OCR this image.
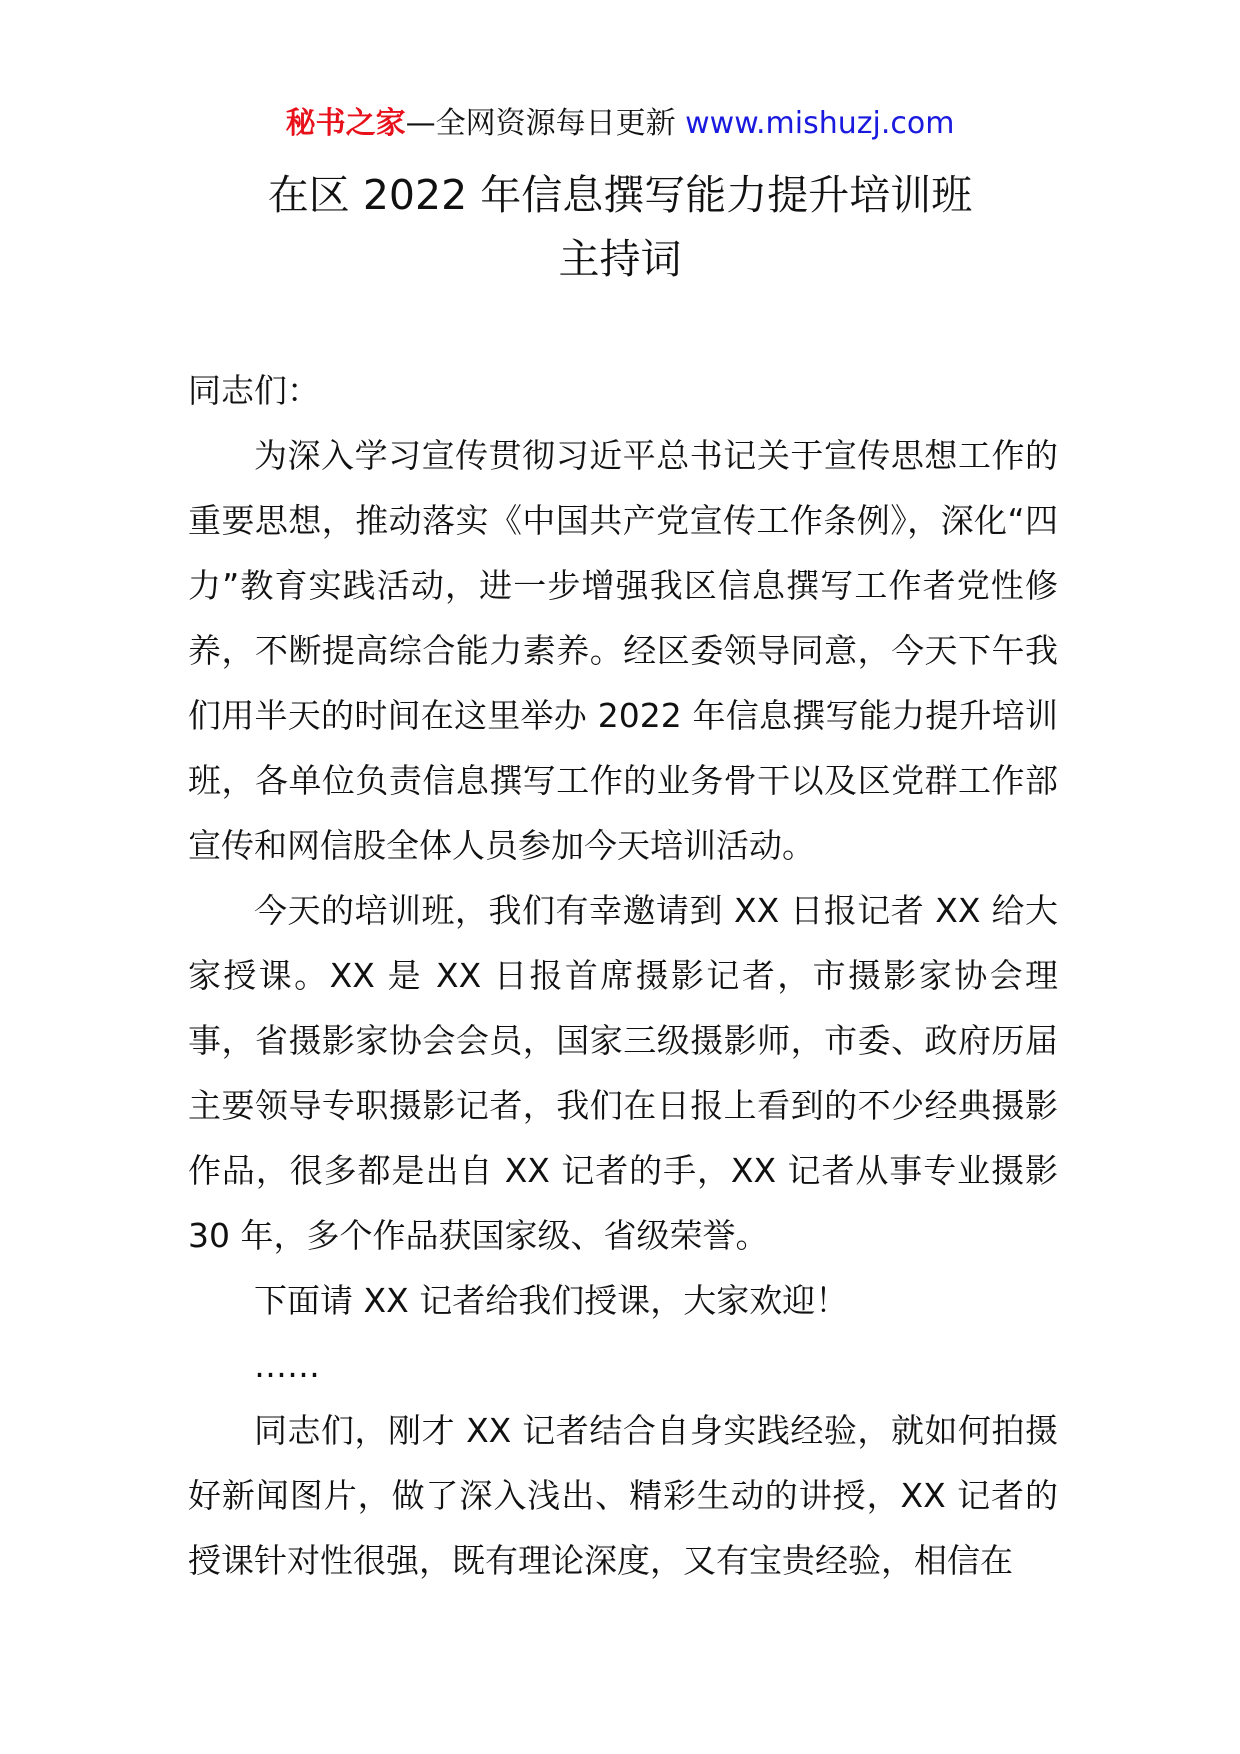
秘书之家—全网资源每日更新 www.mishuzj.com
在区 2022 年信息撰写能力提升培训班
主持词

同志们：

为深入学习宣传贯彻习近平总书记关于宣传思想工作的重要思想，推动落实《中国共产党宣传工作条例》，深化“四力”教育实践活动，进一步增强我区信息撰写工作者党性修养，不断提高综合能力素养。经区委领导同意，今天下午我们用半天的时间在这里举办 2022 年信息撰写能力提升培训班，各单位负责信息撰写工作的业务骨干以及区党群工作部宣传和网信股全体人员参加今天培训活动。

今天的培训班，我们有幸邀请到 XX 日报记者 XX 给大家授课。XX 是 XX 日报首席摄影记者，市摄影家协会理事，省摄影家协会会员，国家三级摄影师，市委、政府历届主要领导专职摄影记者，我们在日报上看到的不少经典摄影作品，很多都是出自 XX 记者的手，XX 记者从事专业摄影 30 年，多个作品获国家级、省级荣誉。

下面请 XX 记者给我们授课，大家欢迎！

……

同志们，刚才 XX 记者结合自身实践经验，就如何拍摄好新闻图片，做了深入浅出、精彩生动的讲授，XX 记者的授课针对性很强，既有理论深度，又有宝贵经验，相信在
